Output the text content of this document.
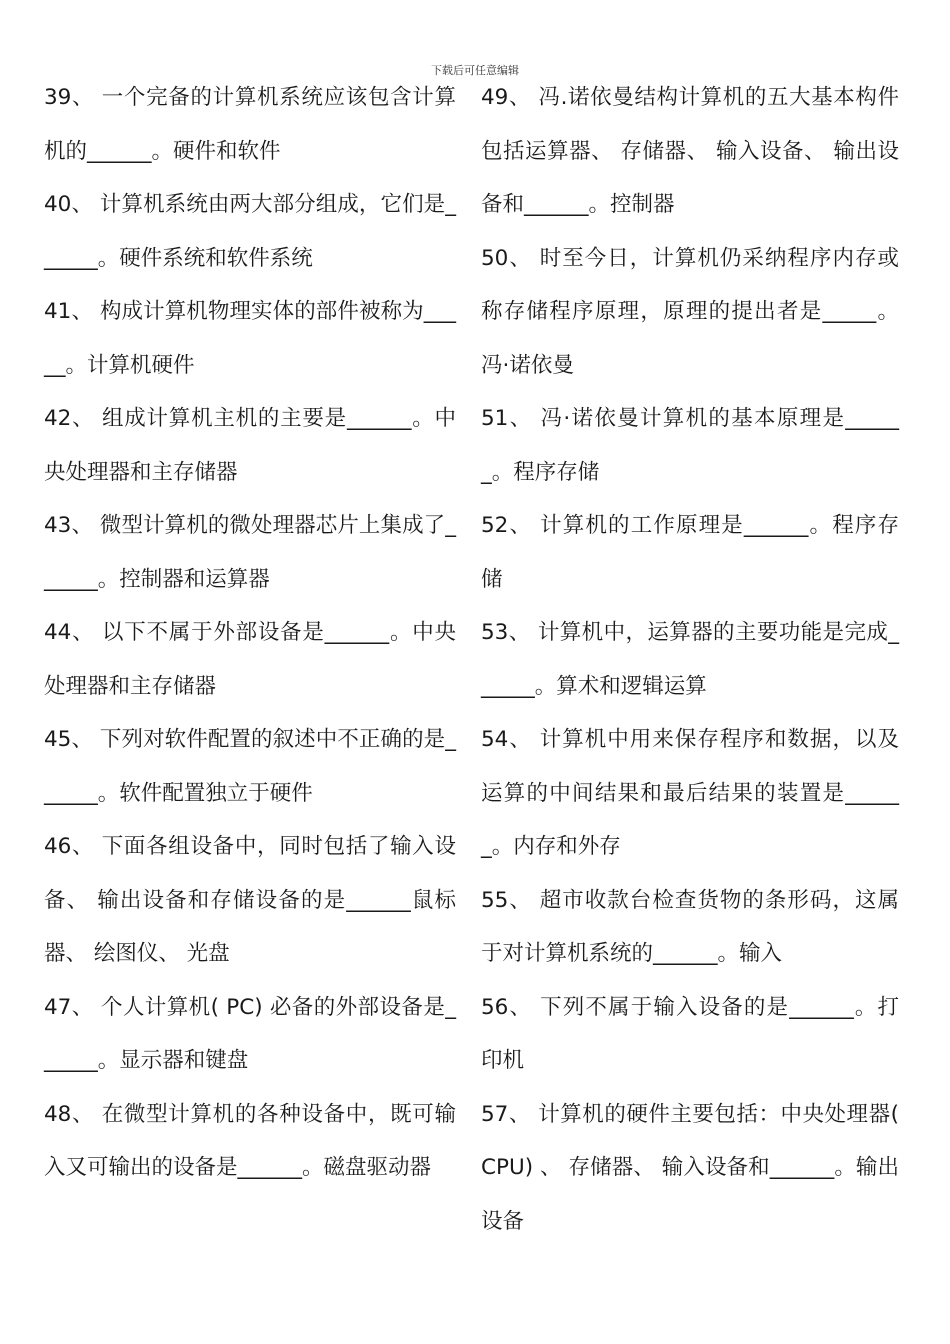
下载后可任意编辑

39、 一个完备的计算机系统应该包含计算机的______。硬件和软件

40、 计算机系统由两大部分组成，它们是______。硬件系统和软件系统

41、 构成计算机物理实体的部件被称为_____。计算机硬件

42、 组成计算机主机的主要是______。中央处理器和主存储器

43、 微型计算机的微处理器芯片上集成了______。控制器和运算器

44、 以下不属于外部设备是______。中央处理器和主存储器

45、 下列对软件配置的叙述中不正确的是______。软件配置独立于硬件

46、 下面各组设备中，同时包括了输入设备、 输出设备和存储设备的是______鼠标器、 绘图仪、 光盘

47、 个人计算机( PC) 必备的外部设备是______。显示器和键盘

48、 在微型计算机的各种设备中，既可输入又可输出的设备是______。磁盘驱动器

49、 冯.诺依曼结构计算机的五大基本构件包括运算器、 存储器、 输入设备、 输出设备和______。控制器

50、 时至今日，计算机仍采纳程序内存或称存储程序原理，原理的提出者是_____。冯·诺依曼

51、 冯·诺依曼计算机的基本原理是______。程序存储

52、 计算机的工作原理是______。程序存储

53、 计算机中，运算器的主要功能是完成______。算术和逻辑运算

54、 计算机中用来保存程序和数据，以及运算的中间结果和最后结果的装置是______。内存和外存

55、 超市收款台检查货物的条形码，这属于对计算机系统的______。输入

56、 下列不属于输入设备的是______。打印机

57、 计算机的硬件主要包括：中央处理器( CPU) 、 存储器、 输入设备和______。输出设备
